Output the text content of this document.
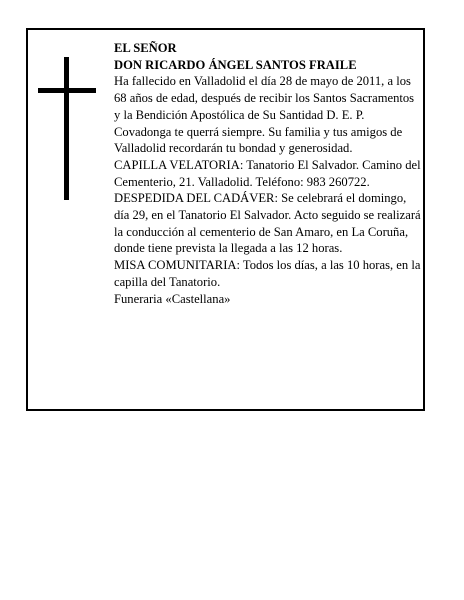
EL SEÑOR

DON RICARDO ÁNGEL SANTOS FRAILE

Ha fallecido en Valladolid el día 28 de mayo de 2011, a los 68 años de edad, después de recibir los Santos Sacramentos y la Bendición Apostólica de Su Santidad D. E. P.

Covadonga te querrá siempre. Su familia y tus amigos de Valladolid recordarán tu bondad y generosidad.

CAPILLA VELATORIA: Tanatorio El Salvador. Camino del Cementerio, 21. Valladolid. Teléfono: 983 260722.

DESPEDIDA DEL CADÁVER: Se celebrará el domingo, día 29, en el Tanatorio El Salvador. Acto seguido se realizará la conducción al cementerio de San Amaro, en La Coruña, donde tiene prevista la llegada a las 12 horas.

MISA COMUNITARIA: Todos los días, a las 10 horas, en la capilla del Tanatorio.

Funeraria «Castellana»
